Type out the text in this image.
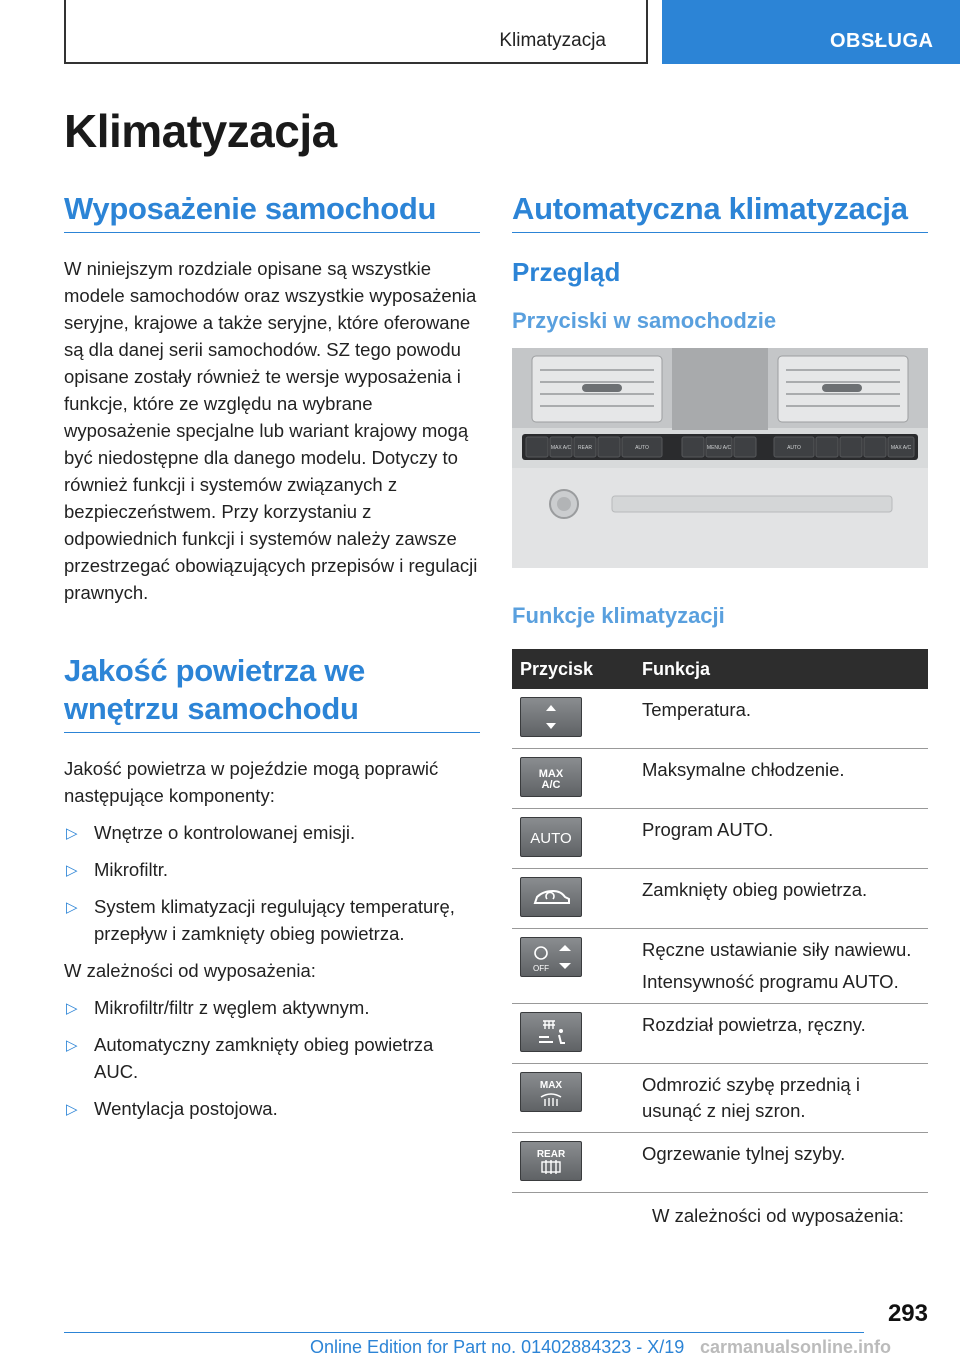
Klimatyzacja	OBSŁUGA
Klimatyzacja
Wyposażenie samochodu

W niniejszym rozdziale opisane są wszystkie modele samochodów oraz wszystkie wyposażenia seryjne, krajowe a także seryjne, które oferowane są dla danej serii samochodów. SZ tego powodu opisane zostały również te wersje wyposażenia i funkcje, które ze względu na wybrane wyposażenie specjalne lub wariant krajowy mogą być niedostępne dla danego modelu. Dotyczy to również funkcji i systemów związanych z bezpieczeństwem. Przy korzystaniu z odpowiednich funkcji i systemów należy zawsze przestrzegać obowiązujących przepisów i regulacji prawnych.

Jakość powietrza we wnętrzu samochodu

Jakość powietrza w pojeździe mogą poprawić następujące komponenty:

▷ Wnętrze o kontrolowanej emisji.
▷ Mikrofiltr.
▷ System klimatyzacji regulujący temperaturę, przepływ i zamknięty obieg powietrza.

W zależności od wyposażenia:

▷ Mikrofiltr/filtr z węglem aktywnym.
▷ Automatyczny zamknięty obieg powietrza AUC.
▷ Wentylacja postojowa.
Automatyczna klimatyzacja
Przegląd
Przyciski w samochodzie
MAX A/C REAR	AUTO	MENU A/C	AUTO	MAX A/C
Funkcje klimatyzacji
Przycisk	Funkcja

	Temperatura.

MAX A/C	Maksymalne chłodzenie.

AUTO	Program AUTO.

	Zamknięty obieg powietrza.

OFF	Ręczne ustawianie siły nawiewu.

Intensywność programu AUTO.

	Rozdział powietrza, ręczny.

MAX	Odmrozić szybę przednią i usunąć z niej szron.

REAR	Ogrzewanie tylnej szyby.

W zależności od wyposażenia:

293
Online Edition for Part no. 01402884323 - X/19 carmanualsonline.info
